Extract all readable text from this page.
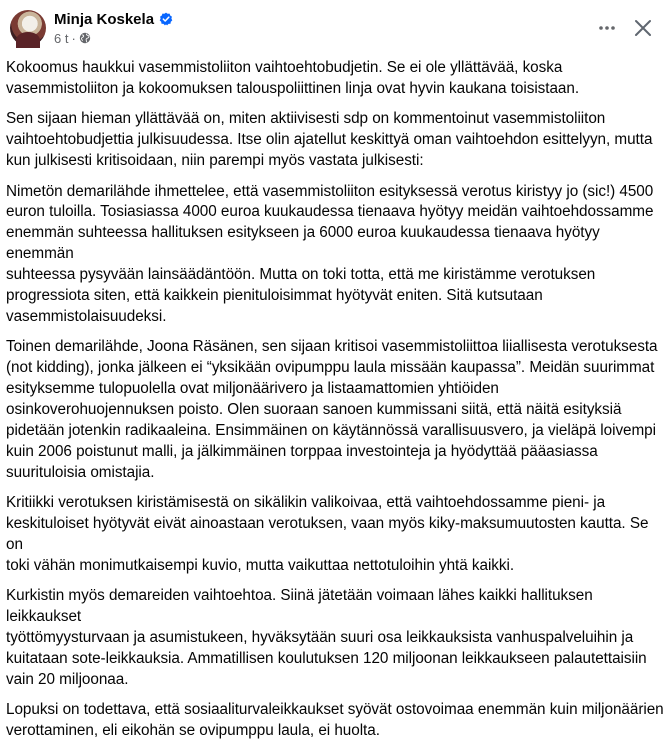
Minja Koskela
6 t ·

Kokoomus haukkui vasemmistoliiton vaihtoehtobudjetin. Se ei ole yllättävää, koska
vasemmistoliiton ja kokoomuksen talouspoliittinen linja ovat hyvin kaukana toisistaan.

Sen sijaan hieman yllättävää on, miten aktiivisesti sdp on kommentoinut vasemmistoliiton
vaihtoehtobudjettia julkisuudessa. Itse olin ajatellut keskittyä oman vaihtoehdon esittelyyn, mutta
kun julkisesti kritisoidaan, niin parempi myös vastata julkisesti:

Nimetön demarilähde ihmettelee, että vasemmistoliiton esityksessä verotus kiristyy jo (sic!) 4500
euron tuloilla. Tosiasiassa 4000 euroa kuukaudessa tienaava hyötyy meidän vaihtoehdossamme
enemmän suhteessa hallituksen esitykseen ja 6000 euroa kuukaudessa tienaava hyötyy enemmän
suhteessa pysyvään lainsäädäntöön. Mutta on toki totta, että me kiristämme verotuksen
progressiota siten, että kaikkein pienituloisimmat hyötyvät eniten. Sitä kutsutaan
vasemmistolaisuudeksi.

Toinen demarilähde, Joona Räsänen, sen sijaan kritisoi vasemmistoliittoa liiallisesta verotuksesta
(not kidding), jonka jälkeen ei “yksikään ovipumppu laula missään kaupassa”. Meidän suurimmat
esityksemme tulopuolella ovat miljonäärivero ja listaamattomien yhtiöiden
osinkoverohuojennuksen poisto. Olen suoraan sanoen kummissani siitä, että näitä esityksiä
pidetään jotenkin radikaaleina. Ensimmäinen on käytännössä varallisuusvero, ja vieläpä loivempi
kuin 2006 poistunut malli, ja jälkimmäinen torppaa investointeja ja hyödyttää pääasiassa
suurituloisia omistajia.

Kritiikki verotuksen kiristämisestä on sikälikin valikoivaa, että vaihtoehdossamme pieni- ja
keskituloiset hyötyvät eivät ainoastaan verotuksen, vaan myös kiky-maksumuutosten kautta. Se on
toki vähän monimutkaisempi kuvio, mutta vaikuttaa nettotuloihin yhtä kaikki.

Kurkistin myös demareiden vaihtoehtoa. Siinä jätetään voimaan lähes kaikki hallituksen leikkaukset
työttömyysturvaan ja asumistukeen, hyväksytään suuri osa leikkauksista vanhuspalveluihin ja
kuitataan sote-leikkauksia. Ammatillisen koulutuksen 120 miljoonan leikkaukseen palautettaisiin
vain 20 miljoonaa.

Lopuksi on todettava, että sosiaaliturvaleikkaukset syövät ostovoimaa enemmän kuin miljonäärien
verottaminen, eli eikohän se ovipumppu laula, ei huolta.
